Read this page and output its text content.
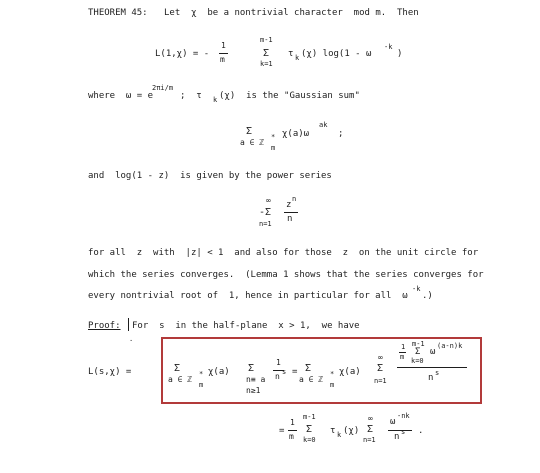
THEOREM 45: Let  χ  be a nontrivial character  mod m.  Then
L(1,χ) = -
1
m
m-1
Σ
k=1
τ k (χ) log(1 - ω
-k
)
where  ω = e
2πi/m
;  τ k (χ)  is the "Gaussian sum"
Σ
a ∈ ℤ
*
m
χ(a)ω
ak
;
and  log(1 - z)  is given by the power series
∞
-Σ
n=1
z
n
n
for all  z  with  |z| < 1  and also for those  z  on the unit circle for
which the series converges.  (Lemma 1 shows that the series converges for
every nontrivial root of  1, hence in particular for all  ω
-k
.)
Proof: For  s  in the half-plane  x > 1,  we have
·
L(s,χ) =	Σ
a ∈ ℤ
*
m
χ(a) Σ
n≡ a
n≥1
1
n s = Σ
a ∈ ℤ
*
m
χ(a)
∞
Σ
n=1
1
m
m-1
Σ
k=0
ω
(a-n)k
n s
=
1
m
m-1
Σ
k=0
τ k (χ)
∞
Σ
n=1
ω
-nk
n s .
